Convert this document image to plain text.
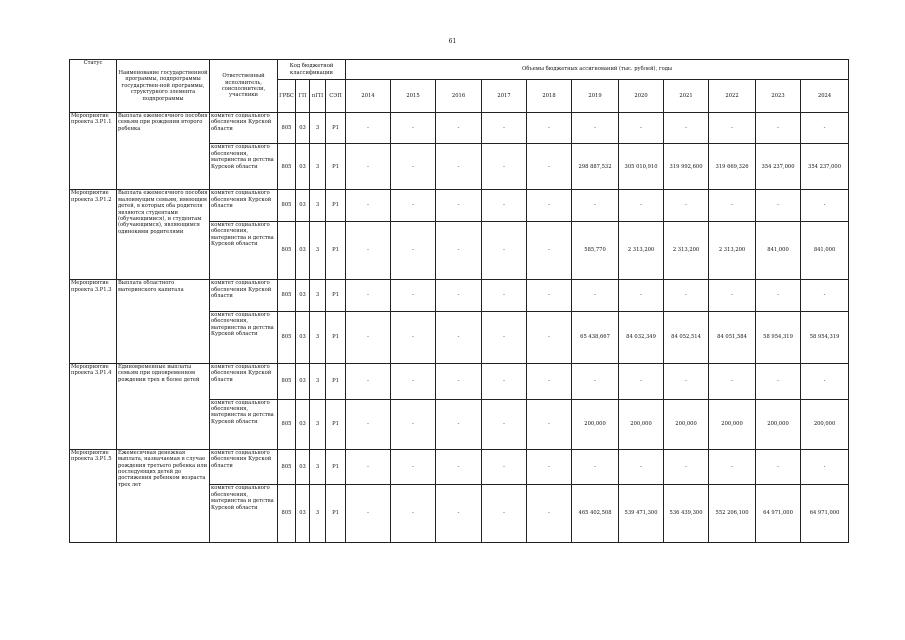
61
Статус	Наименование государственной программы, подпрограммы государствен-ной программы, структурного элемента подпрограммы	Ответственный исполнитель, соисполнители, участники	Код бюджетной классификации				Объемы бюджетных ассигнований (тыс. рублей), годы										
			ГРБС	ГП	пГП	СЭП	2014	2015	2016	2017	2018	2019	2020	2021	2022	2023	2024
Мероприятие проекта 3.Р1.1	Выплата ежемесячного пособия семьям при рождении второго ребенка	комитет социального обеспечения Курской области	805	03	3	Р1	-	-	-	-	-	-	-	-	-	-	-
		комитет социального обеспечения, материнства и детства Курской области	805	03	3	Р1	-	-	-	-	-	298 887,532	305 010,910	319 992,600	319 669,326	354 237,000	354 237,000
Мероприятие проекта 3.Р1.2	Выплата ежемесячного пособия малоимущим семьям, имеющим детей, в которых оба родителя являются студентами (обучающимися), и студентам (обучающимся), являющимся одинокими родителями	комитет социального обеспечения Курской области	805	03	3	Р1	-	-	-	-	-	-	-	-	-	-	-
		комитет социального обеспечения, материнства и детства Курской области	805	03	3	Р1	-	-	-	-	-	585,770	2 313,200	2 313,200	2 313,200	841,000	841,000
Мероприятие проекта 3.Р1.3	Выплата областного материнского капитала	комитет социального обеспечения Курской области	805	03	3	Р1	-	-	-	-	-	-	-	-	-	-	-
		комитет социального обеспечения, материнства и детства Курской области	805	03	3	Р1	-	-	-	-	-	65 438,667	84 032,349	84 052,514	84 051,584	58 954,319	58 954,319
Мероприятие проекта 3.Р1.4	Единовременные выплаты семьям при одновременном рождении трех и более детей	комитет социального обеспечения Курской области	805	03	3	Р1	-	-	-	-	-	-	-	-	-	-	-
		комитет социального обеспечения, материнства и детства Курской области	805	03	3	Р1	-	-	-	-	-	200,000	200,000	200,000	200,000	200,000	200,000
Мероприятие проекта 3.Р1.5	Ежемесячная денежная выплата, назначаемая в случае рождения третьего ребенка или последующих детей до достижения ребенком возраста трех лет	комитет социального обеспечения Курской области	805	03	3	Р1	-	-	-	-	-	-	-	-	-	-	-
		комитет социального обеспечения, материнства и детства Курской области	805	03	3	Р1	-	-	-	-	-	465 402,508	539 471,300	536 439,300	552 206,100	64 971,000	64 971,000
